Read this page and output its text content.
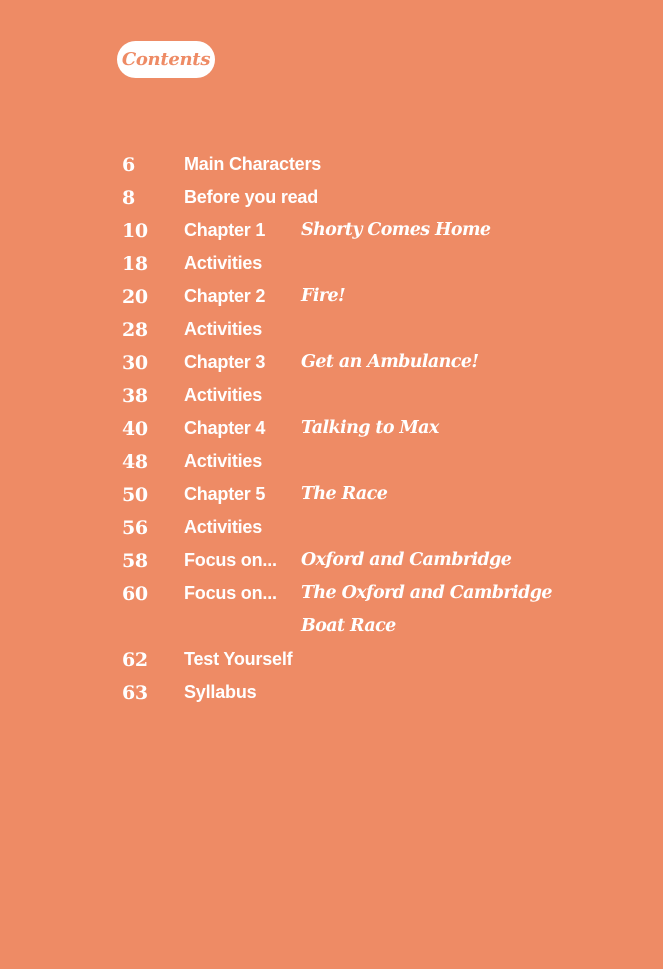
Contents
6	Main Characters
8	Before you read
10 Chapter 1 Shorty Comes Home
18 Activities
20 Chapter 2 Fire!
28 Activities
30 Chapter 3 Get an Ambulance!
38 Activities
40 Chapter 4 Talking to Max
48 Activities
50 Chapter 5 The Race
56 Activities
58 Focus on... Oxford and Cambridge
60 Focus on... The Oxford and Cambridge
Boat Race
62 Test Yourself
63 Syllabus
